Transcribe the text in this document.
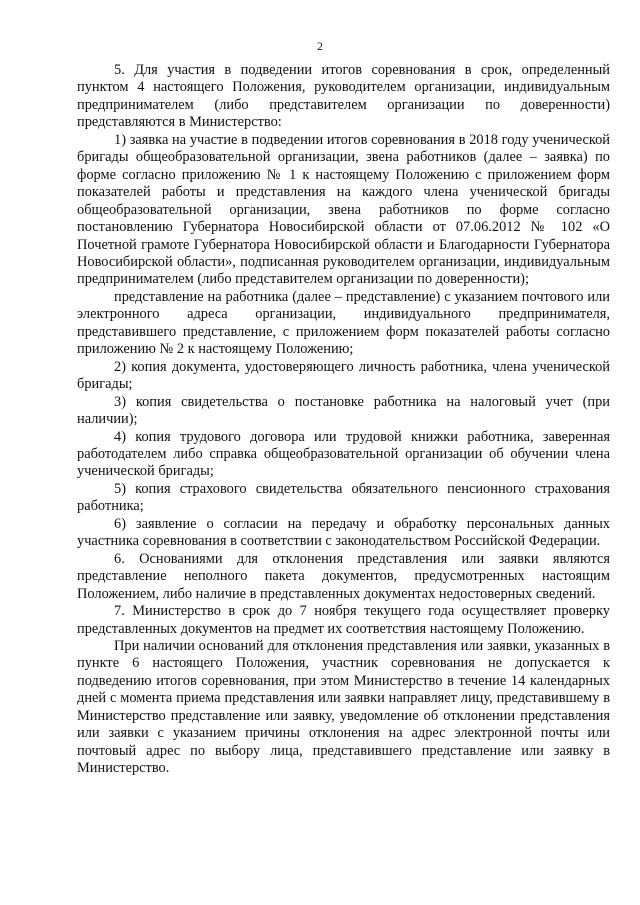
2

5. Для участия в подведении итогов соревнования в срок, определенный пунктом 4 настоящего Положения, руководителем организации, индивидуальным предпринимателем (либо представителем организации по доверенности) представляются в Министерство:

1) заявка на участие в подведении итогов соревнования в 2018 году ученической бригады общеобразовательной организации, звена работников (далее – заявка) по форме согласно приложению № 1 к настоящему Положению с приложением форм показателей работы и представления на каждого члена ученической бригады общеобразовательной организации, звена работников по форме согласно постановлению Губернатора Новосибирской области от 07.06.2012 № 102 «О Почетной грамоте Губернатора Новосибирской области и Благодарности Губернатора Новосибирской области», подписанная руководителем организации, индивидуальным предпринимателем (либо представителем организации по доверенности);

представление на работника (далее – представление) с указанием почтового или электронного адреса организации, индивидуального предпринимателя, представившего представление, с приложением форм показателей работы согласно приложению № 2 к настоящему Положению;

2) копия документа, удостоверяющего личность работника, члена ученической бригады;

3) копия свидетельства о постановке работника на налоговый учет (при наличии);

4) копия трудового договора или трудовой книжки работника, заверенная работодателем либо справка общеобразовательной организации об обучении члена ученической бригады;

5) копия страхового свидетельства обязательного пенсионного страхования работника;

6) заявление о согласии на передачу и обработку персональных данных участника соревнования в соответствии с законодательством Российской Федерации.

6. Основаниями для отклонения представления или заявки являются представление неполного пакета документов, предусмотренных настоящим Положением, либо наличие в представленных документах недостоверных сведений.

7. Министерство в срок до 7 ноября текущего года осуществляет проверку представленных документов на предмет их соответствия настоящему Положению.

При наличии оснований для отклонения представления или заявки, указанных в пункте 6 настоящего Положения, участник соревнования не допускается к подведению итогов соревнования, при этом Министерство в течение 14 календарных дней с момента приема представления или заявки направляет лицу, представившему в Министерство представление или заявку, уведомление об отклонении представления или заявки с указанием причины отклонения на адрес электронной почты или почтовый адрес по выбору лица, представившего представление или заявку в Министерство.
